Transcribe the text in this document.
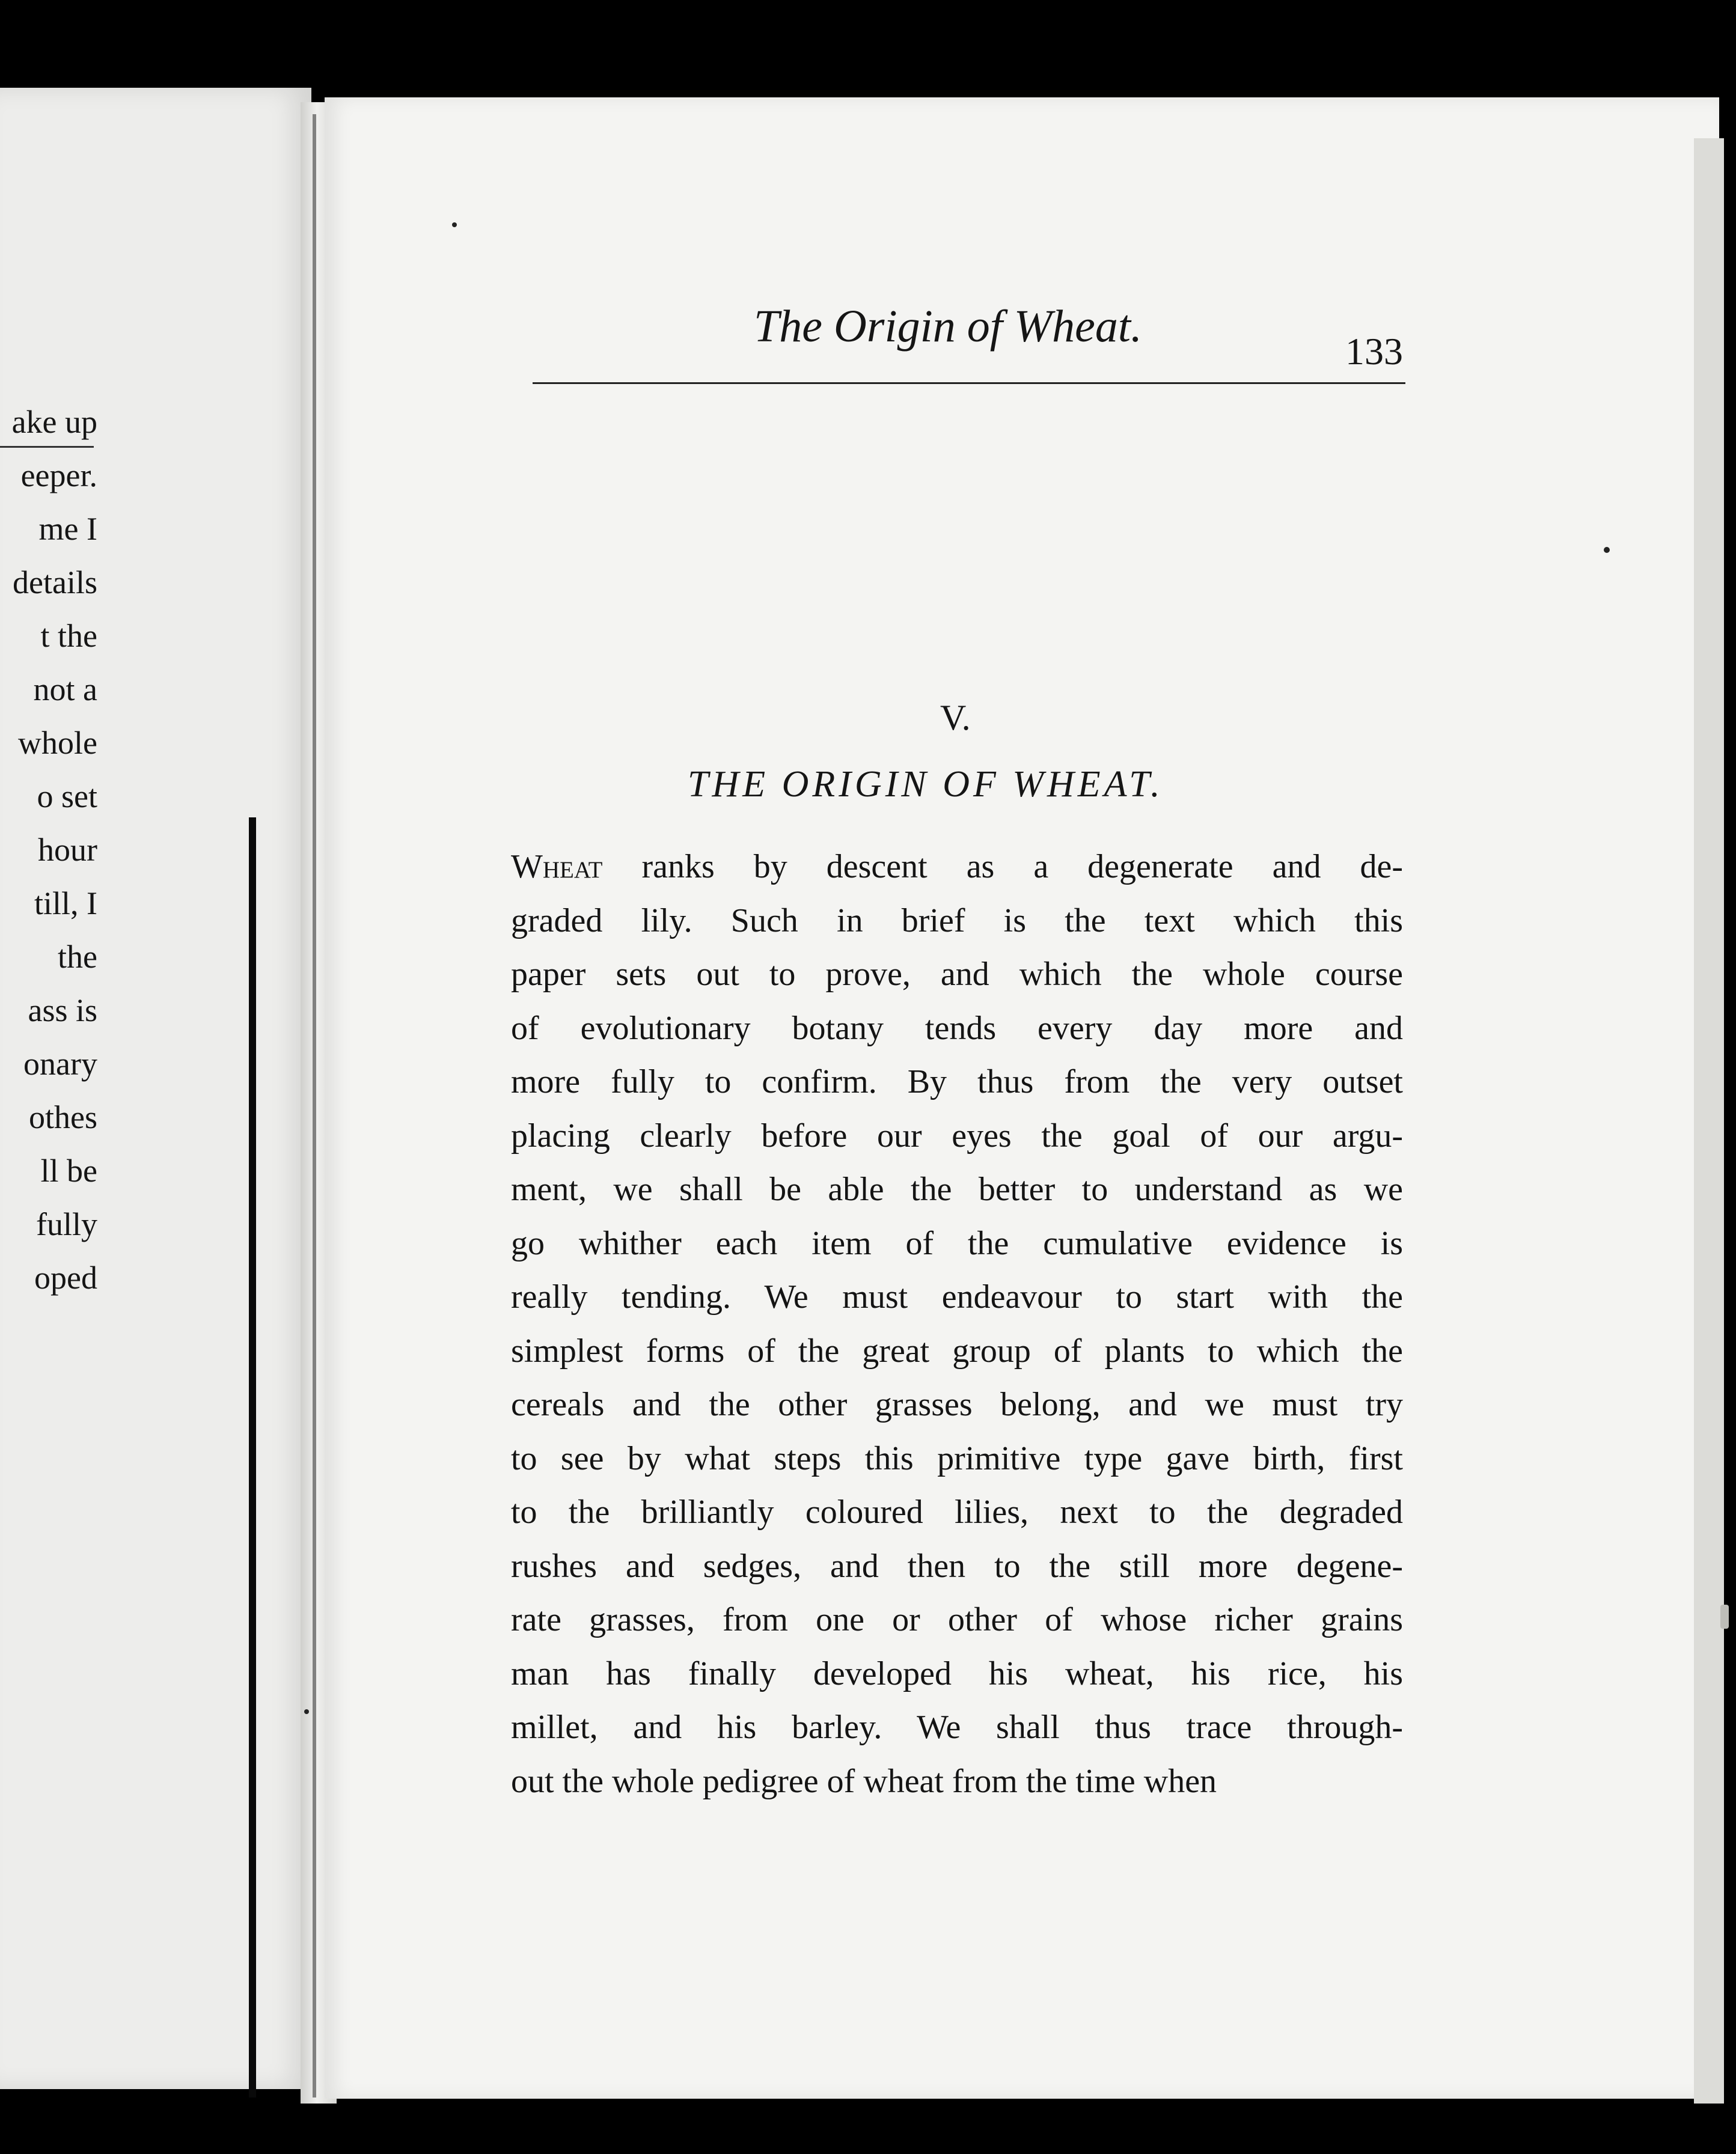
ake up
eeper.
me I
details
t the
not a
whole
o set
hour
till, I
the
ass is
onary
othes
ll be
fully
oped
The Origin of Wheat.	133
V.
THE ORIGIN OF WHEAT.
Wheat ranks by descent as a degenerate and de-
graded lily. Such in brief is the text which this
paper sets out to prove, and which the whole course
of evolutionary botany tends every day more and
more fully to confirm. By thus from the very outset
placing clearly before our eyes the goal of our argu-
ment, we shall be able the better to understand as we
go whither each item of the cumulative evidence is
really tending. We must endeavour to start with the
simplest forms of the great group of plants to which the
cereals and the other grasses belong, and we must try
to see by what steps this primitive type gave birth, first
to the brilliantly coloured lilies, next to the degraded
rushes and sedges, and then to the still more degene-
rate grasses, from one or other of whose richer grains
man has finally developed his wheat, his rice, his
millet, and his barley. We shall thus trace through-
out the whole pedigree of wheat from the time when
